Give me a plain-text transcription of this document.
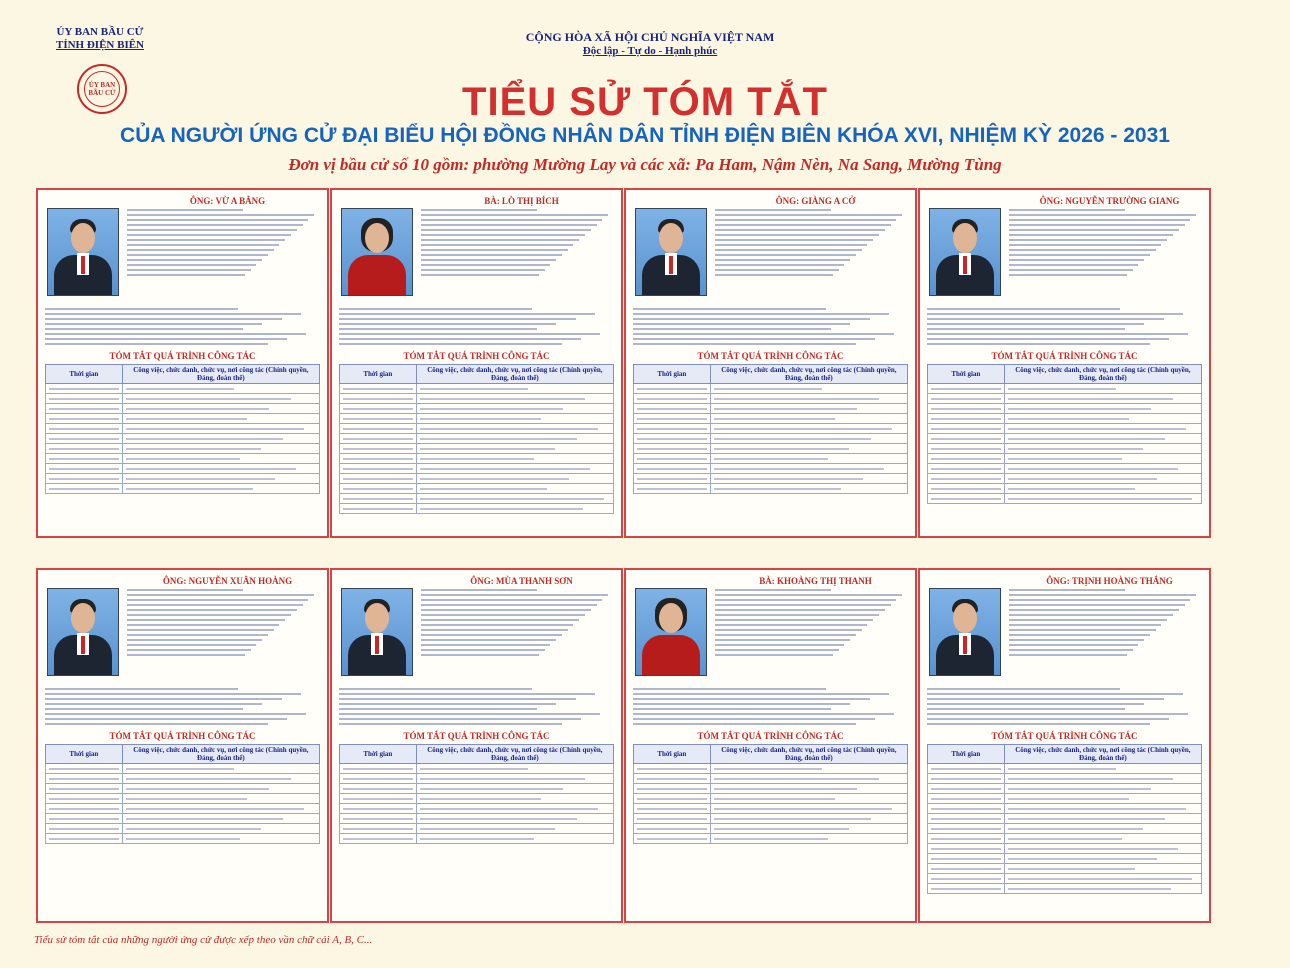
ỦY BAN BẦU CỬ
TỈNH ĐIỆN BIÊN
ỦY BAN
BẦU CỬ
CỘNG HÒA XÃ HỘI CHỦ NGHĨA VIỆT NAM
Độc lập - Tự do - Hạnh phúc
TIỂU SỬ TÓM TẮT
CỦA NGƯỜI ỨNG CỬ ĐẠI BIỂU HỘI ĐỒNG NHÂN DÂN TỈNH ĐIỆN BIÊN KHÓA XVI, NHIỆM KỲ 2026 - 2031
Đơn vị bầu cử số 10 gồm: phường Mường Lay và các xã: Pa Ham, Nậm Nèn, Na Sang, Mường Tùng
ÔNG: VỪ A BẰNG
TÓM TẮT QUÁ TRÌNH CÔNG TÁC
Thời gian	Công việc, chức danh, chức vụ, nơi công tác (Chính quyền, Đảng, đoàn thể)

BÀ: LÒ THỊ BÍCH
TÓM TẮT QUÁ TRÌNH CÔNG TÁC
Thời gian	Công việc, chức danh, chức vụ, nơi công tác (Chính quyền, Đảng, đoàn thể)

ÔNG: GIÀNG A CỞ
TÓM TẮT QUÁ TRÌNH CÔNG TÁC
Thời gian	Công việc, chức danh, chức vụ, nơi công tác (Chính quyền, Đảng, đoàn thể)

ÔNG: NGUYỄN TRƯỜNG GIANG
TÓM TẮT QUÁ TRÌNH CÔNG TÁC
Thời gian	Công việc, chức danh, chức vụ, nơi công tác (Chính quyền, Đảng, đoàn thể)

ÔNG: NGUYỄN XUÂN HOÀNG
TÓM TẮT QUÁ TRÌNH CÔNG TÁC
Thời gian	Công việc, chức danh, chức vụ, nơi công tác (Chính quyền, Đảng, đoàn thể)

ÔNG: MÙA THANH SƠN
TÓM TẮT QUÁ TRÌNH CÔNG TÁC
Thời gian	Công việc, chức danh, chức vụ, nơi công tác (Chính quyền, Đảng, đoàn thể)

BÀ: KHOÀNG THỊ THANH
TÓM TẮT QUÁ TRÌNH CÔNG TÁC
Thời gian	Công việc, chức danh, chức vụ, nơi công tác (Chính quyền, Đảng, đoàn thể)

ÔNG: TRỊNH HOÀNG THẮNG
TÓM TẮT QUÁ TRÌNH CÔNG TÁC
Thời gian	Công việc, chức danh, chức vụ, nơi công tác (Chính quyền, Đảng, đoàn thể)

Tiểu sử tóm tắt của những người ứng cử được xếp theo vần chữ cái A, B, C...
